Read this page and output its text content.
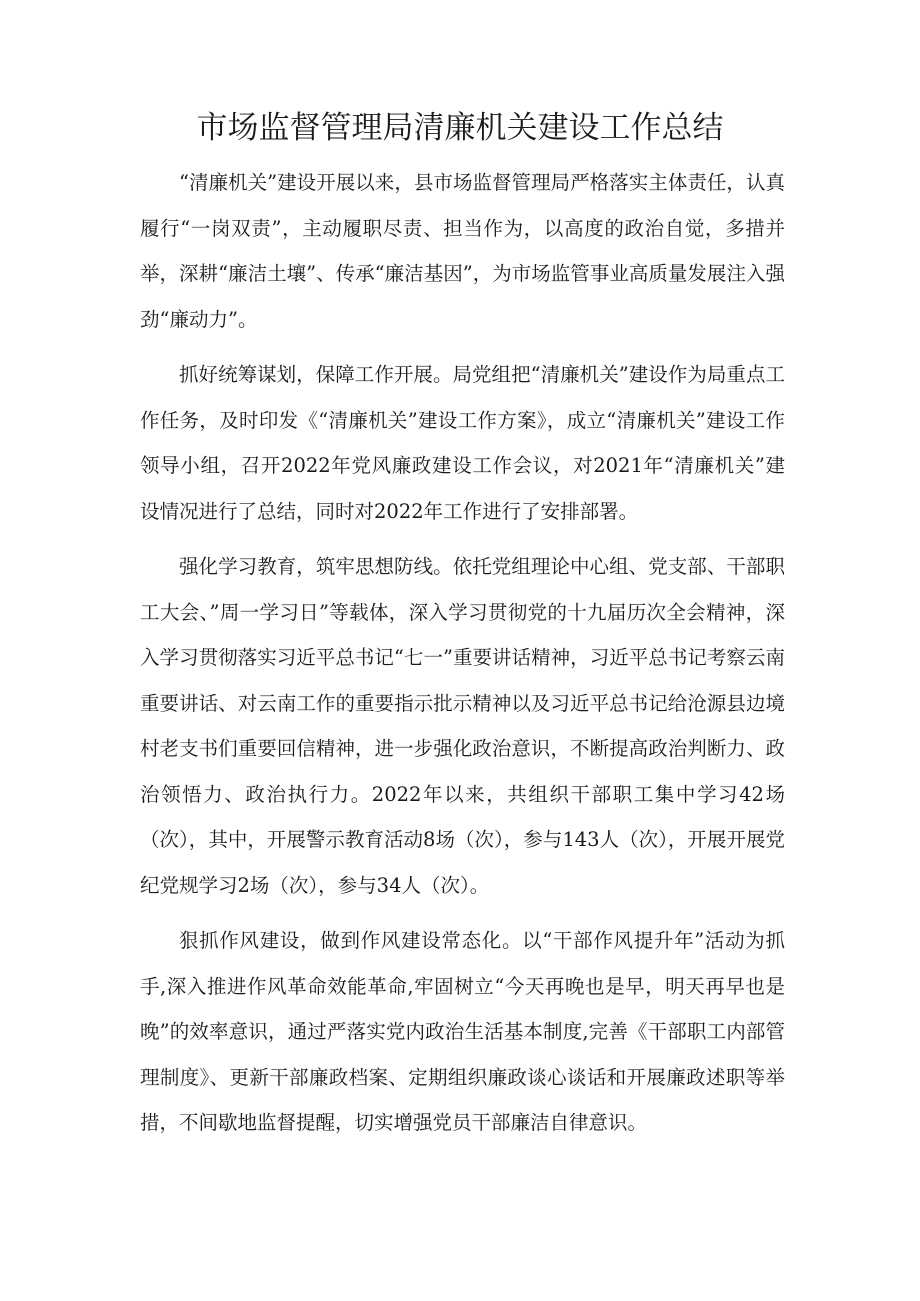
市场监督管理局清廉机关建设工作总结

“清廉机关”建设开展以来，县市场监督管理局严格落实主体责任，认真履行“一岗双责”，主动履职尽责、担当作为，以高度的政治自觉，多措并举，深耕“廉洁土壤”、传承“廉洁基因”，为市场监管事业高质量发展注入强劲“廉动力”。

抓好统筹谋划，保障工作开展。局党组把“清廉机关”建设作为局重点工作任务，及时印发《“清廉机关”建设工作方案》，成立“清廉机关”建设工作领导小组，召开2022年党风廉政建设工作会议，对2021年“清廉机关”建设情况进行了总结，同时对2022年工作进行了安排部署。

强化学习教育，筑牢思想防线。依托党组理论中心组、党支部、干部职工大会、”周一学习日”等载体，深入学习贯彻党的十九届历次全会精神，深入学习贯彻落实习近平总书记“七一”重要讲话精神，习近平总书记考察云南重要讲话、对云南工作的重要指示批示精神以及习近平总书记给沧源县边境村老支书们重要回信精神，进一步强化政治意识，不断提高政治判断力、政治领悟力、政治执行力。2022年以来，共组织干部职工集中学习42场（次），其中，开展警示教育活动8场（次），参与143人（次），开展开展党纪党规学习2场（次），参与34人（次）。

狠抓作风建设，做到作风建设常态化。以“干部作风提升年”活动为抓手,深入推进作风革命效能革命,牢固树立“今天再晚也是早，明天再早也是晚”的效率意识，通过严落实党内政治生活基本制度,完善《干部职工内部管理制度》、更新干部廉政档案、定期组织廉政谈心谈话和开展廉政述职等举措，不间歇地监督提醒，切实增强党员干部廉洁自律意识。
